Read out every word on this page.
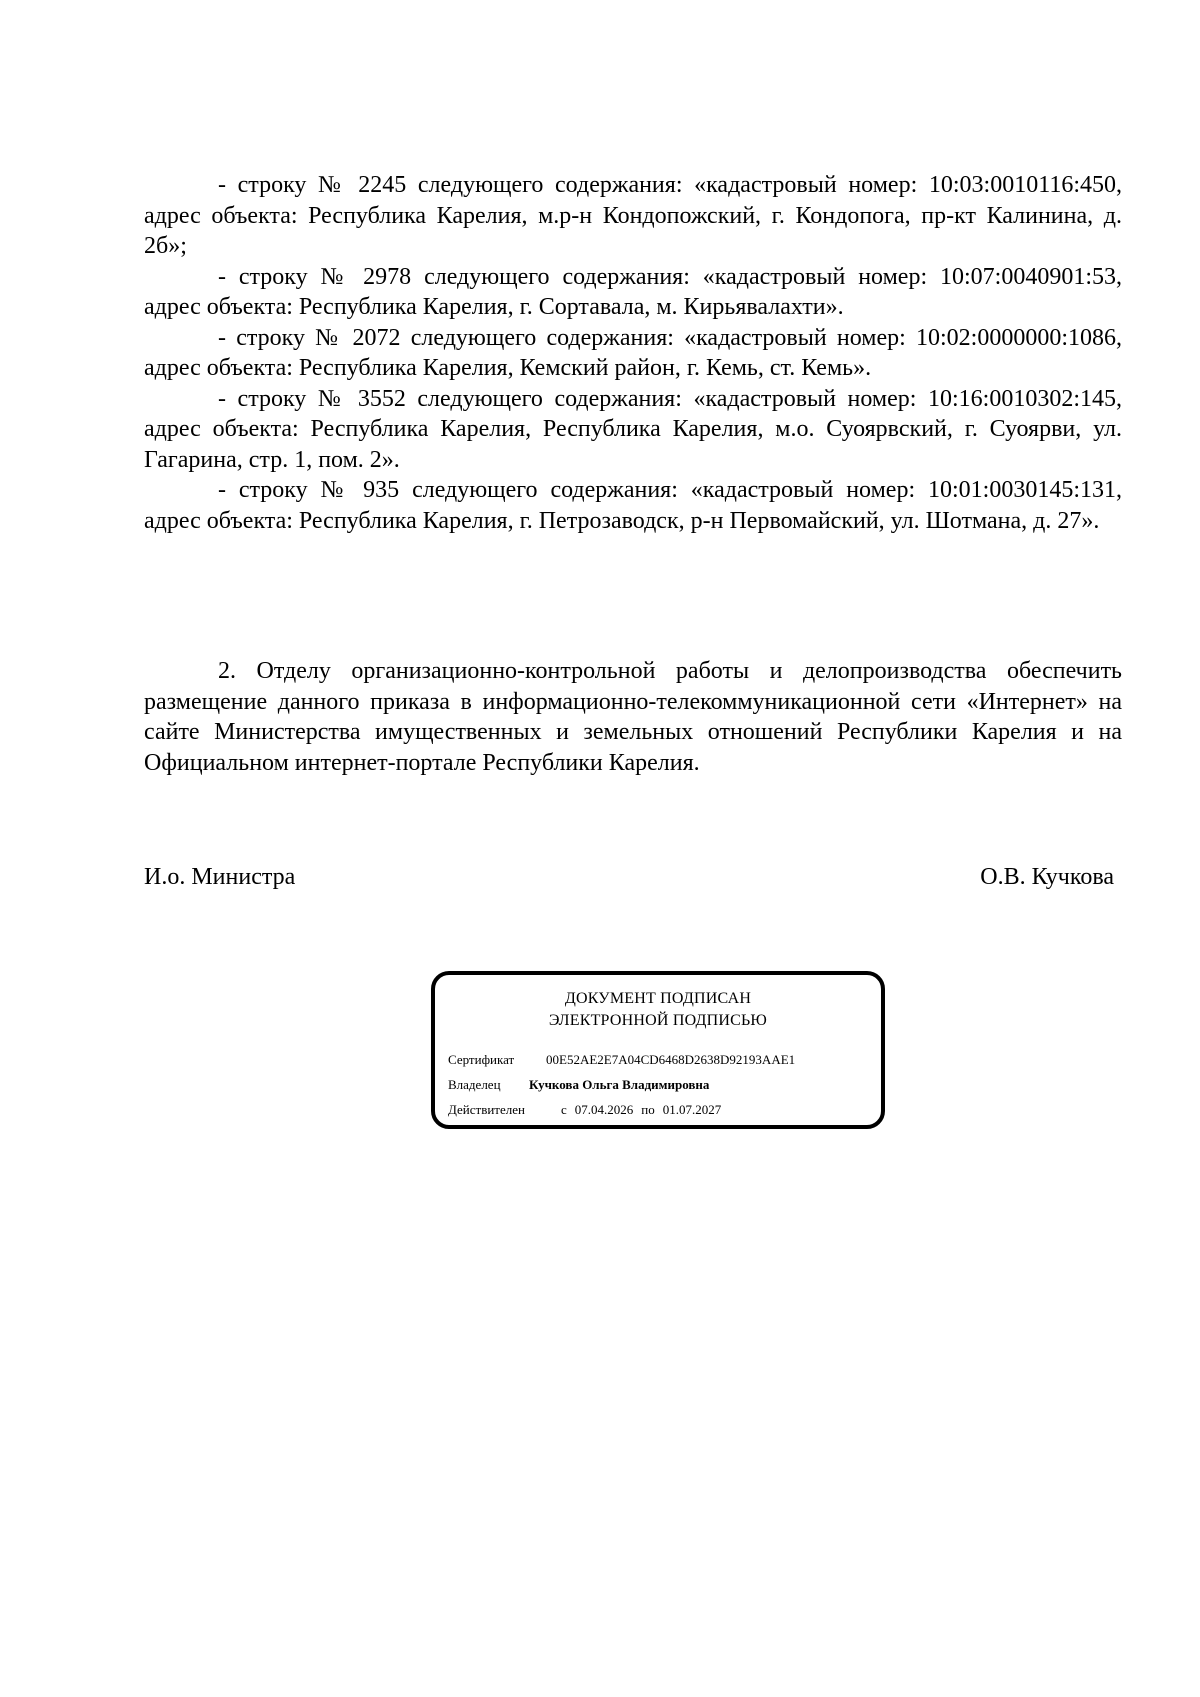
- строку № 2245 следующего содержания: «кадастровый номер: 10:03:0010116:450, адрес объекта: Республика Карелия, м.р-н Кондопожский, г. Кондопога, пр-кт Калинина, д. 2б»;

- строку № 2978 следующего содержания: «кадастровый номер: 10:07:0040901:53, адрес объекта: Республика Карелия, г. Сортавала, м. Кирьявалахти».

- строку № 2072 следующего содержания: «кадастровый номер: 10:02:0000000:1086, адрес объекта: Республика Карелия, Кемский район, г. Кемь, ст. Кемь».

- строку № 3552 следующего содержания: «кадастровый номер: 10:16:0010302:145, адрес объекта: Республика Карелия, Республика Карелия, м.о. Суоярвский, г. Суоярви, ул. Гагарина, стр. 1, пом. 2».

- строку № 935 следующего содержания: «кадастровый номер: 10:01:0030145:131, адрес объекта: Республика Карелия, г. Петрозаводск, р-н Первомайский, ул. Шотмана, д. 27».

2. Отделу организационно-контрольной работы и делопроизводства обеспечить размещение данного приказа в информационно-телекоммуникационной сети «Интернет» на сайте Министерства имущественных и земельных отношений Республики Карелия и на Официальном интернет-портале Республики Карелия.

И.о. Министра	О.В. Кучкова
ДОКУМЕНТ ПОДПИСАН
ЭЛЕКТРОННОЙ ПОДПИСЬЮ
Сертификат 00E52AE2E7A04CD6468D2638D92193AAE1
Владелец Кучкова Ольга Владимировна
Действителен	с 07.04.2026 по 01.07.2027
